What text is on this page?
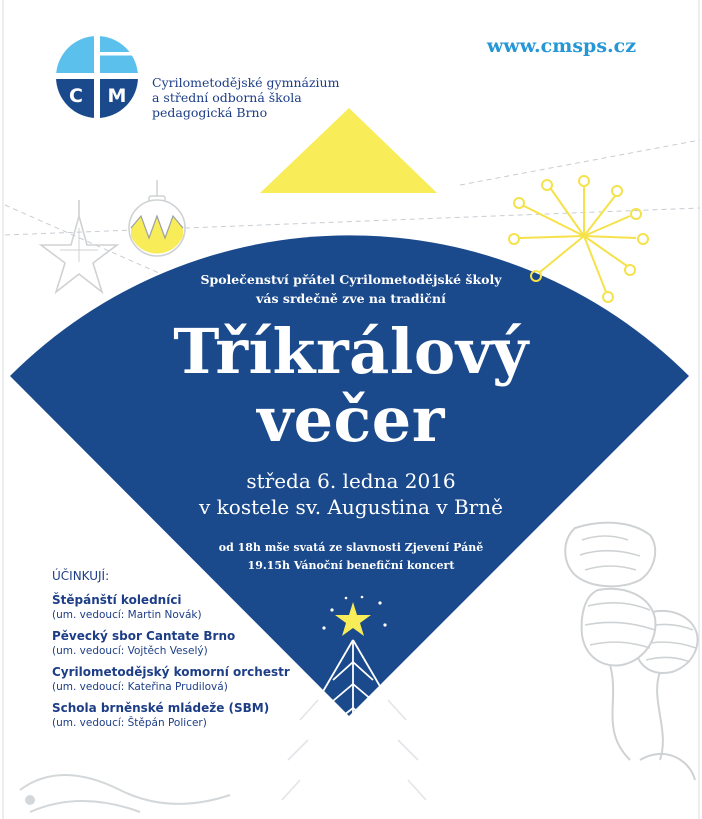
C M
Cyrilometodějské gymnázium
a střední odborná škola
pedagogická Brno
www.cmsps.cz
Společenství přátel Cyrilometodějské školy
vás srdečně zve na tradiční
Tříkrálový
večer
středa 6. ledna 2016
v kostele sv. Augustina v Brně
od 18h mše svatá ze slavnosti Zjevení Páně
19.15h Vánoční benefiční koncert
ÚČINKUJÍ:
Štěpánští koledníci
(um. vedoucí: Martin Novák)
Pěvecký sbor Cantate Brno
(um. vedoucí: Vojtěch Veselý)
Cyrilometodějský komorní orchestr
(um. vedoucí: Kateřina Prudilová)
Schola brněnské mládeže (SBM)
(um. vedoucí: Štěpán Policer)
